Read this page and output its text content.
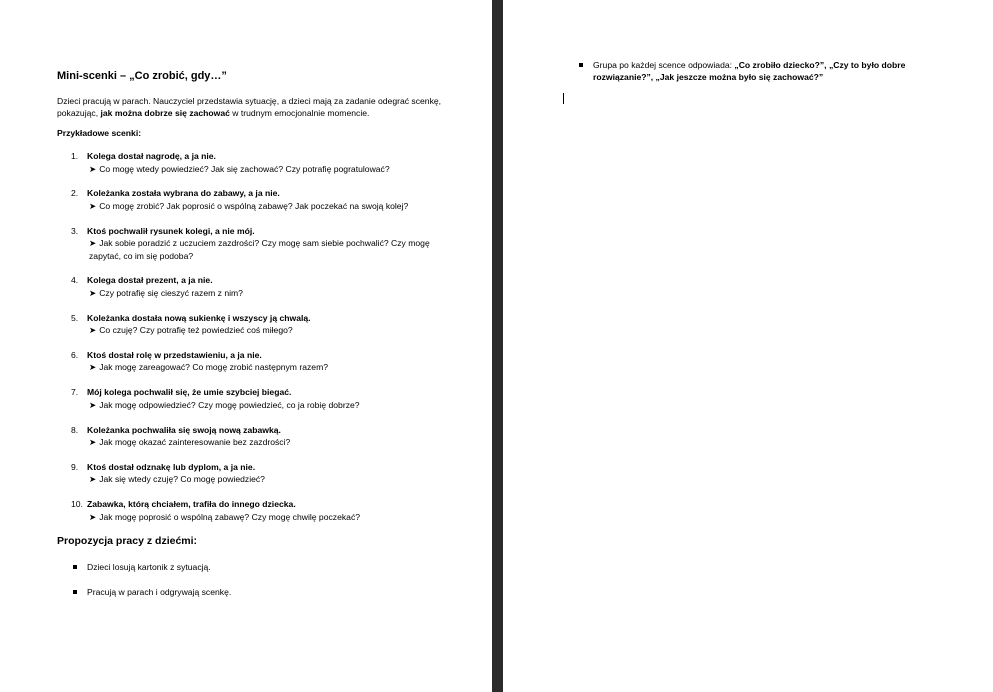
Mini-scenki – „Co zrobić, gdy…”

Dzieci pracują w parach. Nauczyciel przedstawia sytuację, a dzieci mają za zadanie odegrać scenkę, pokazując, jak można dobrze się zachować w trudnym emocjonalnie momencie.

Przykładowe scenki:
1. Kolega dostał nagrodę, a ja nie.
➤ Co mogę wtedy powiedzieć? Jak się zachować? Czy potrafię pogratulować?
2. Koleżanka została wybrana do zabawy, a ja nie.
➤ Co mogę zrobić? Jak poprosić o wspólną zabawę? Jak poczekać na swoją kolej?
3. Ktoś pochwalił rysunek kolegi, a nie mój.
➤ Jak sobie poradzić z uczuciem zazdrości? Czy mogę sam siebie pochwalić? Czy mogę zapytać, co im się podoba?
4. Kolega dostał prezent, a ja nie.
➤ Czy potrafię się cieszyć razem z nim?
5. Koleżanka dostała nową sukienkę i wszyscy ją chwalą.
➤ Co czuję? Czy potrafię też powiedzieć coś miłego?
6. Ktoś dostał rolę w przedstawieniu, a ja nie.
➤ Jak mogę zareagować? Co mogę zrobić następnym razem?
7. Mój kolega pochwalił się, że umie szybciej biegać.
➤ Jak mogę odpowiedzieć? Czy mogę powiedzieć, co ja robię dobrze?
8. Koleżanka pochwaliła się swoją nową zabawką.
➤ Jak mogę okazać zainteresowanie bez zazdrości?
9. Ktoś dostał odznakę lub dyplom, a ja nie.
➤ Jak się wtedy czuję? Co mogę powiedzieć?
10. Zabawka, którą chciałem, trafiła do innego dziecka.
➤ Jak mogę poprosić o wspólną zabawę? Czy mogę chwilę poczekać?
Propozycja pracy z dziećmi:
Dzieci losują kartonik z sytuacją.
Pracują w parach i odgrywają scenkę.
Grupa po każdej scence odpowiada: „Co zrobiło dziecko?”, „Czy to było dobre rozwiązanie?”, „Jak jeszcze można było się zachować?”
